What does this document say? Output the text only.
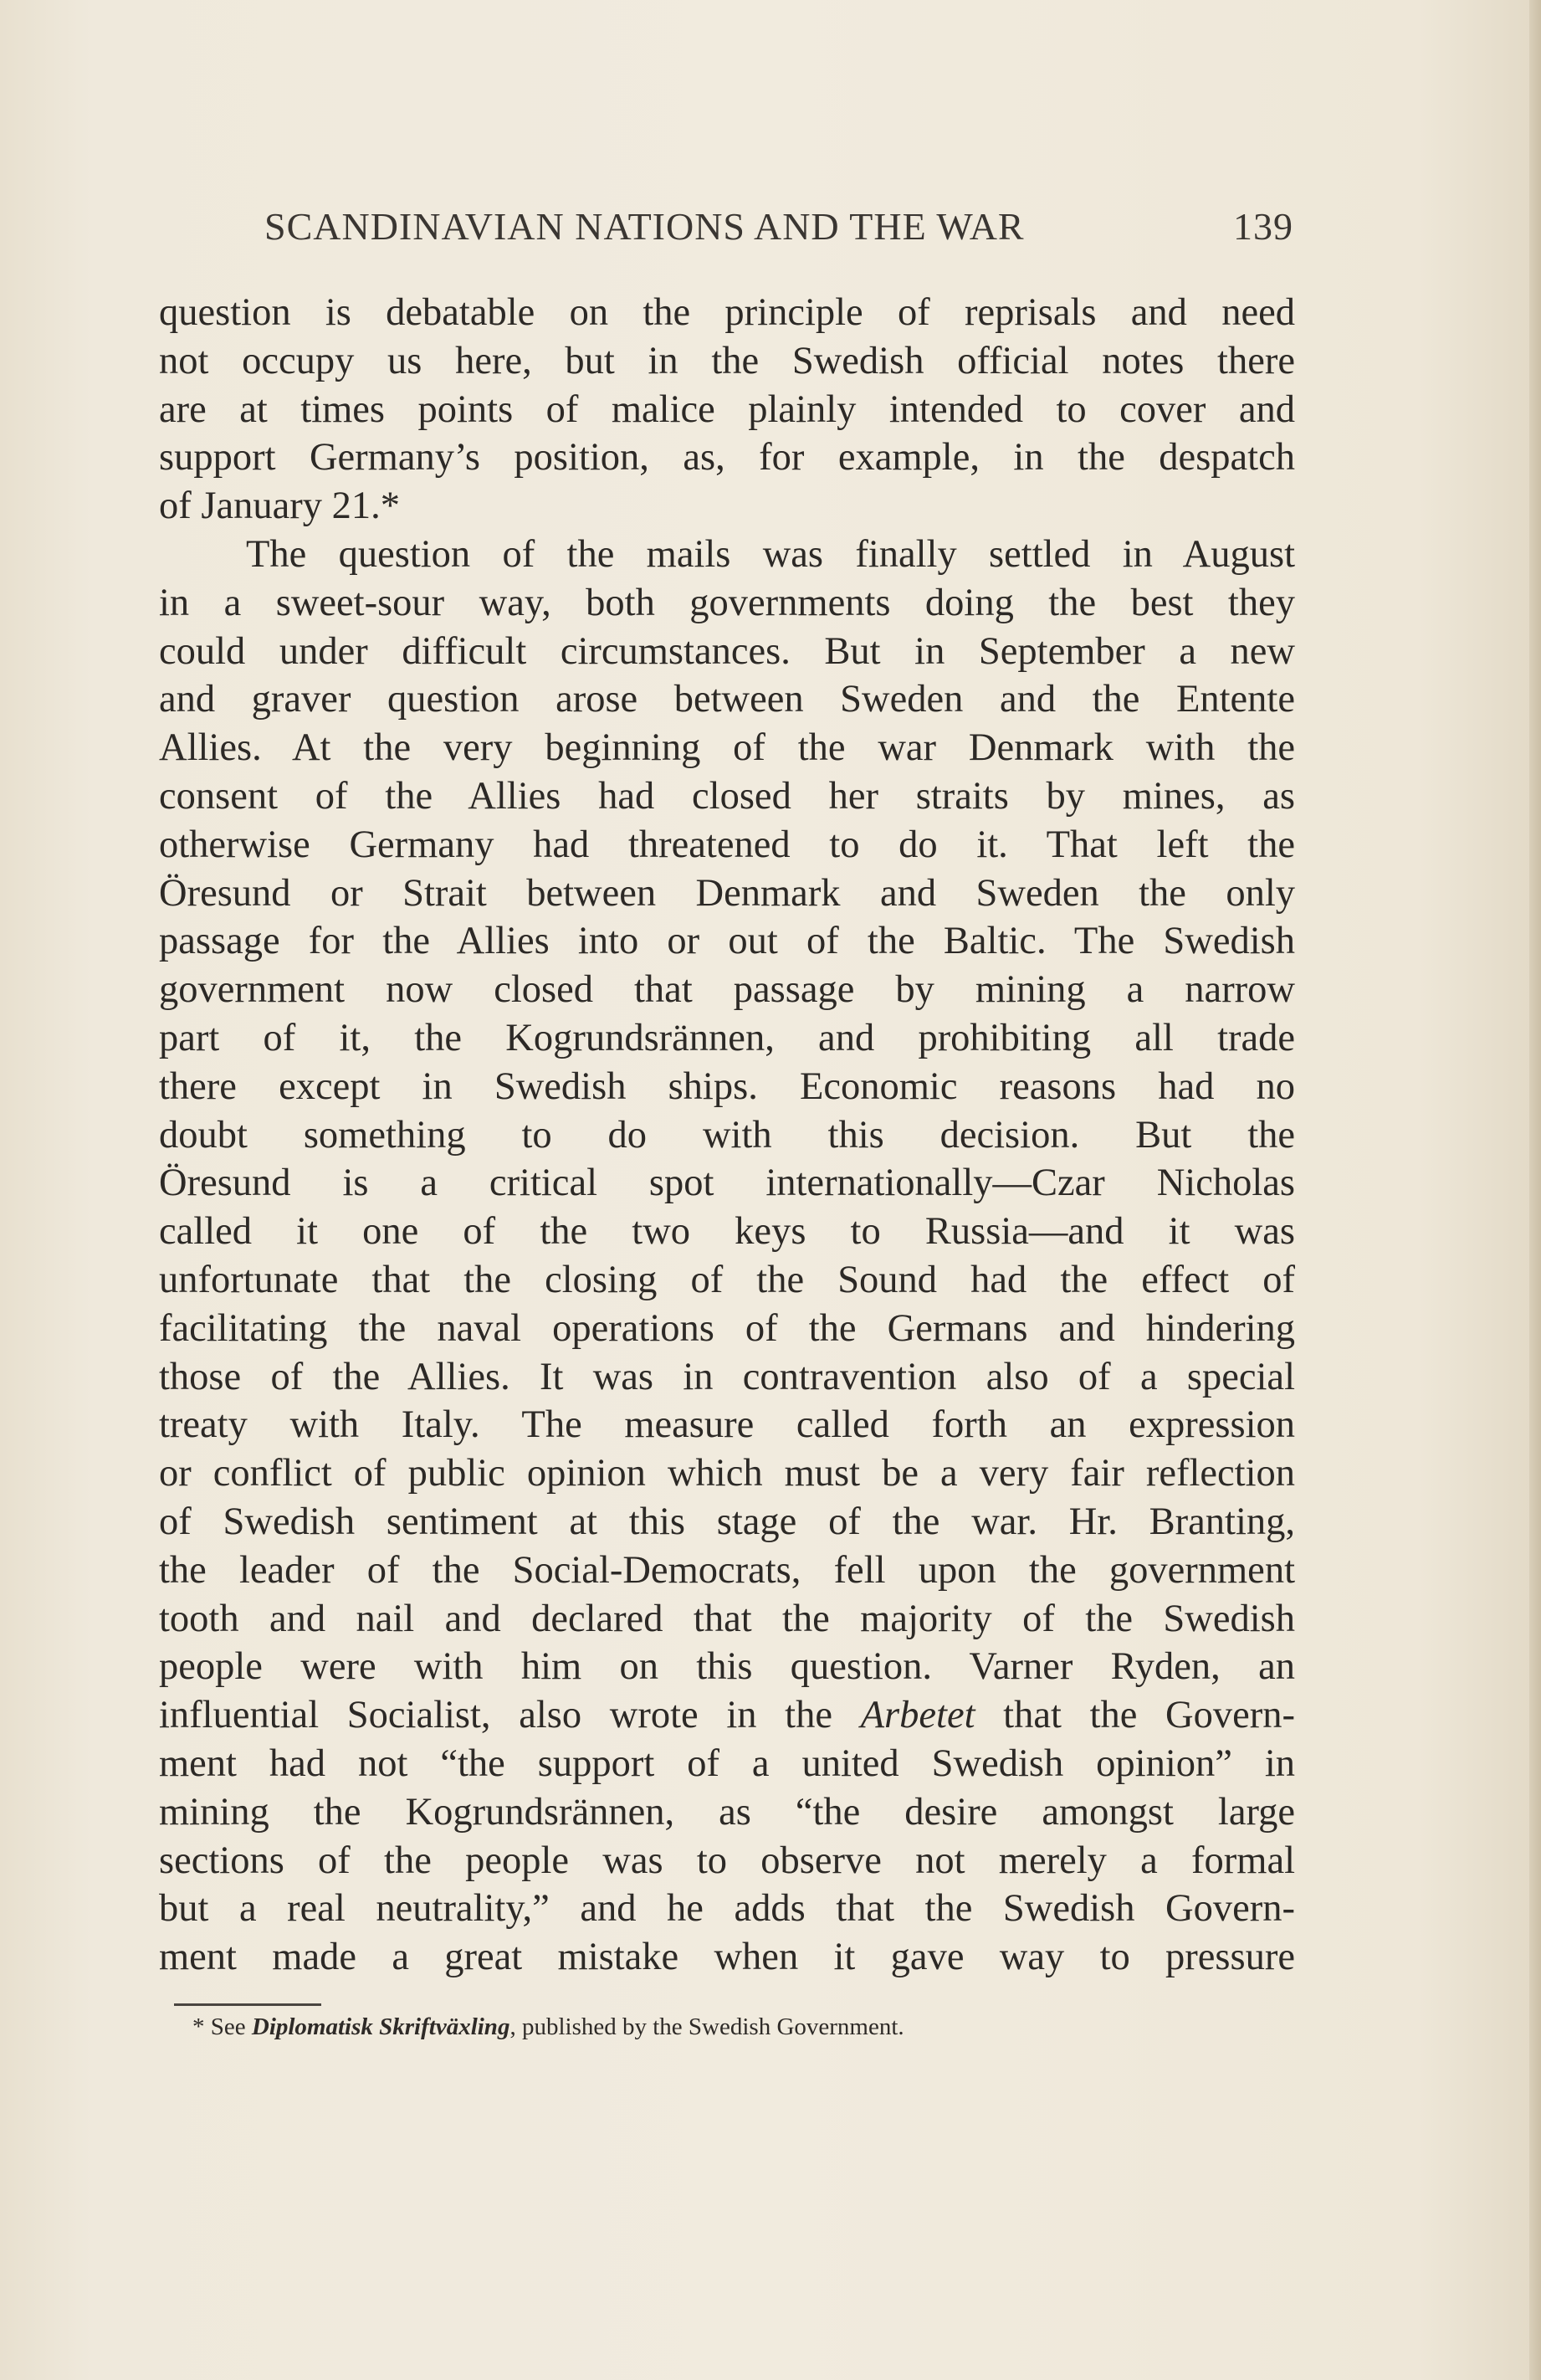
SCANDINAVIAN NATIONS AND THE WAR	139
question is debatable on the principle of reprisals and need
not occupy us here, but in the Swedish official notes there
are at times points of malice plainly intended to cover and
support Germany’s position, as, for example, in the despatch
of January 21.*
The question of the mails was finally settled in August
in a sweet-sour way, both governments doing the best they
could under difficult circumstances. But in September a new
and graver question arose between Sweden and the Entente
Allies. At the very beginning of the war Denmark with the
consent of the Allies had closed her straits by mines, as
otherwise Germany had threatened to do it. That left the
Öresund or Strait between Denmark and Sweden the only
passage for the Allies into or out of the Baltic. The Swedish
government now closed that passage by mining a narrow
part of it, the Kogrundsrännen, and prohibiting all trade
there except in Swedish ships. Economic reasons had no
doubt something to do with this decision. But the
Öresund is a critical spot internationally—Czar Nicholas
called it one of the two keys to Russia—and it was
unfortunate that the closing of the Sound had the effect of
facilitating the naval operations of the Germans and hindering
those of the Allies. It was in contravention also of a special
treaty with Italy. The measure called forth an expression
or conflict of public opinion which must be a very fair reflection
of Swedish sentiment at this stage of the war. Hr. Branting,
the leader of the Social-Democrats, fell upon the government
tooth and nail and declared that the majority of the Swedish
people were with him on this question. Varner Ryden, an
influential Socialist, also wrote in the Arbetet that the Govern-
ment had not “the support of a united Swedish opinion” in
mining the Kogrundsrännen, as “the desire amongst large
sections of the people was to observe not merely a formal
but a real neutrality,” and he adds that the Swedish Govern-
ment made a great mistake when it gave way to pressure
* See Diplomatisk Skriftväxling, published by the Swedish Government.
